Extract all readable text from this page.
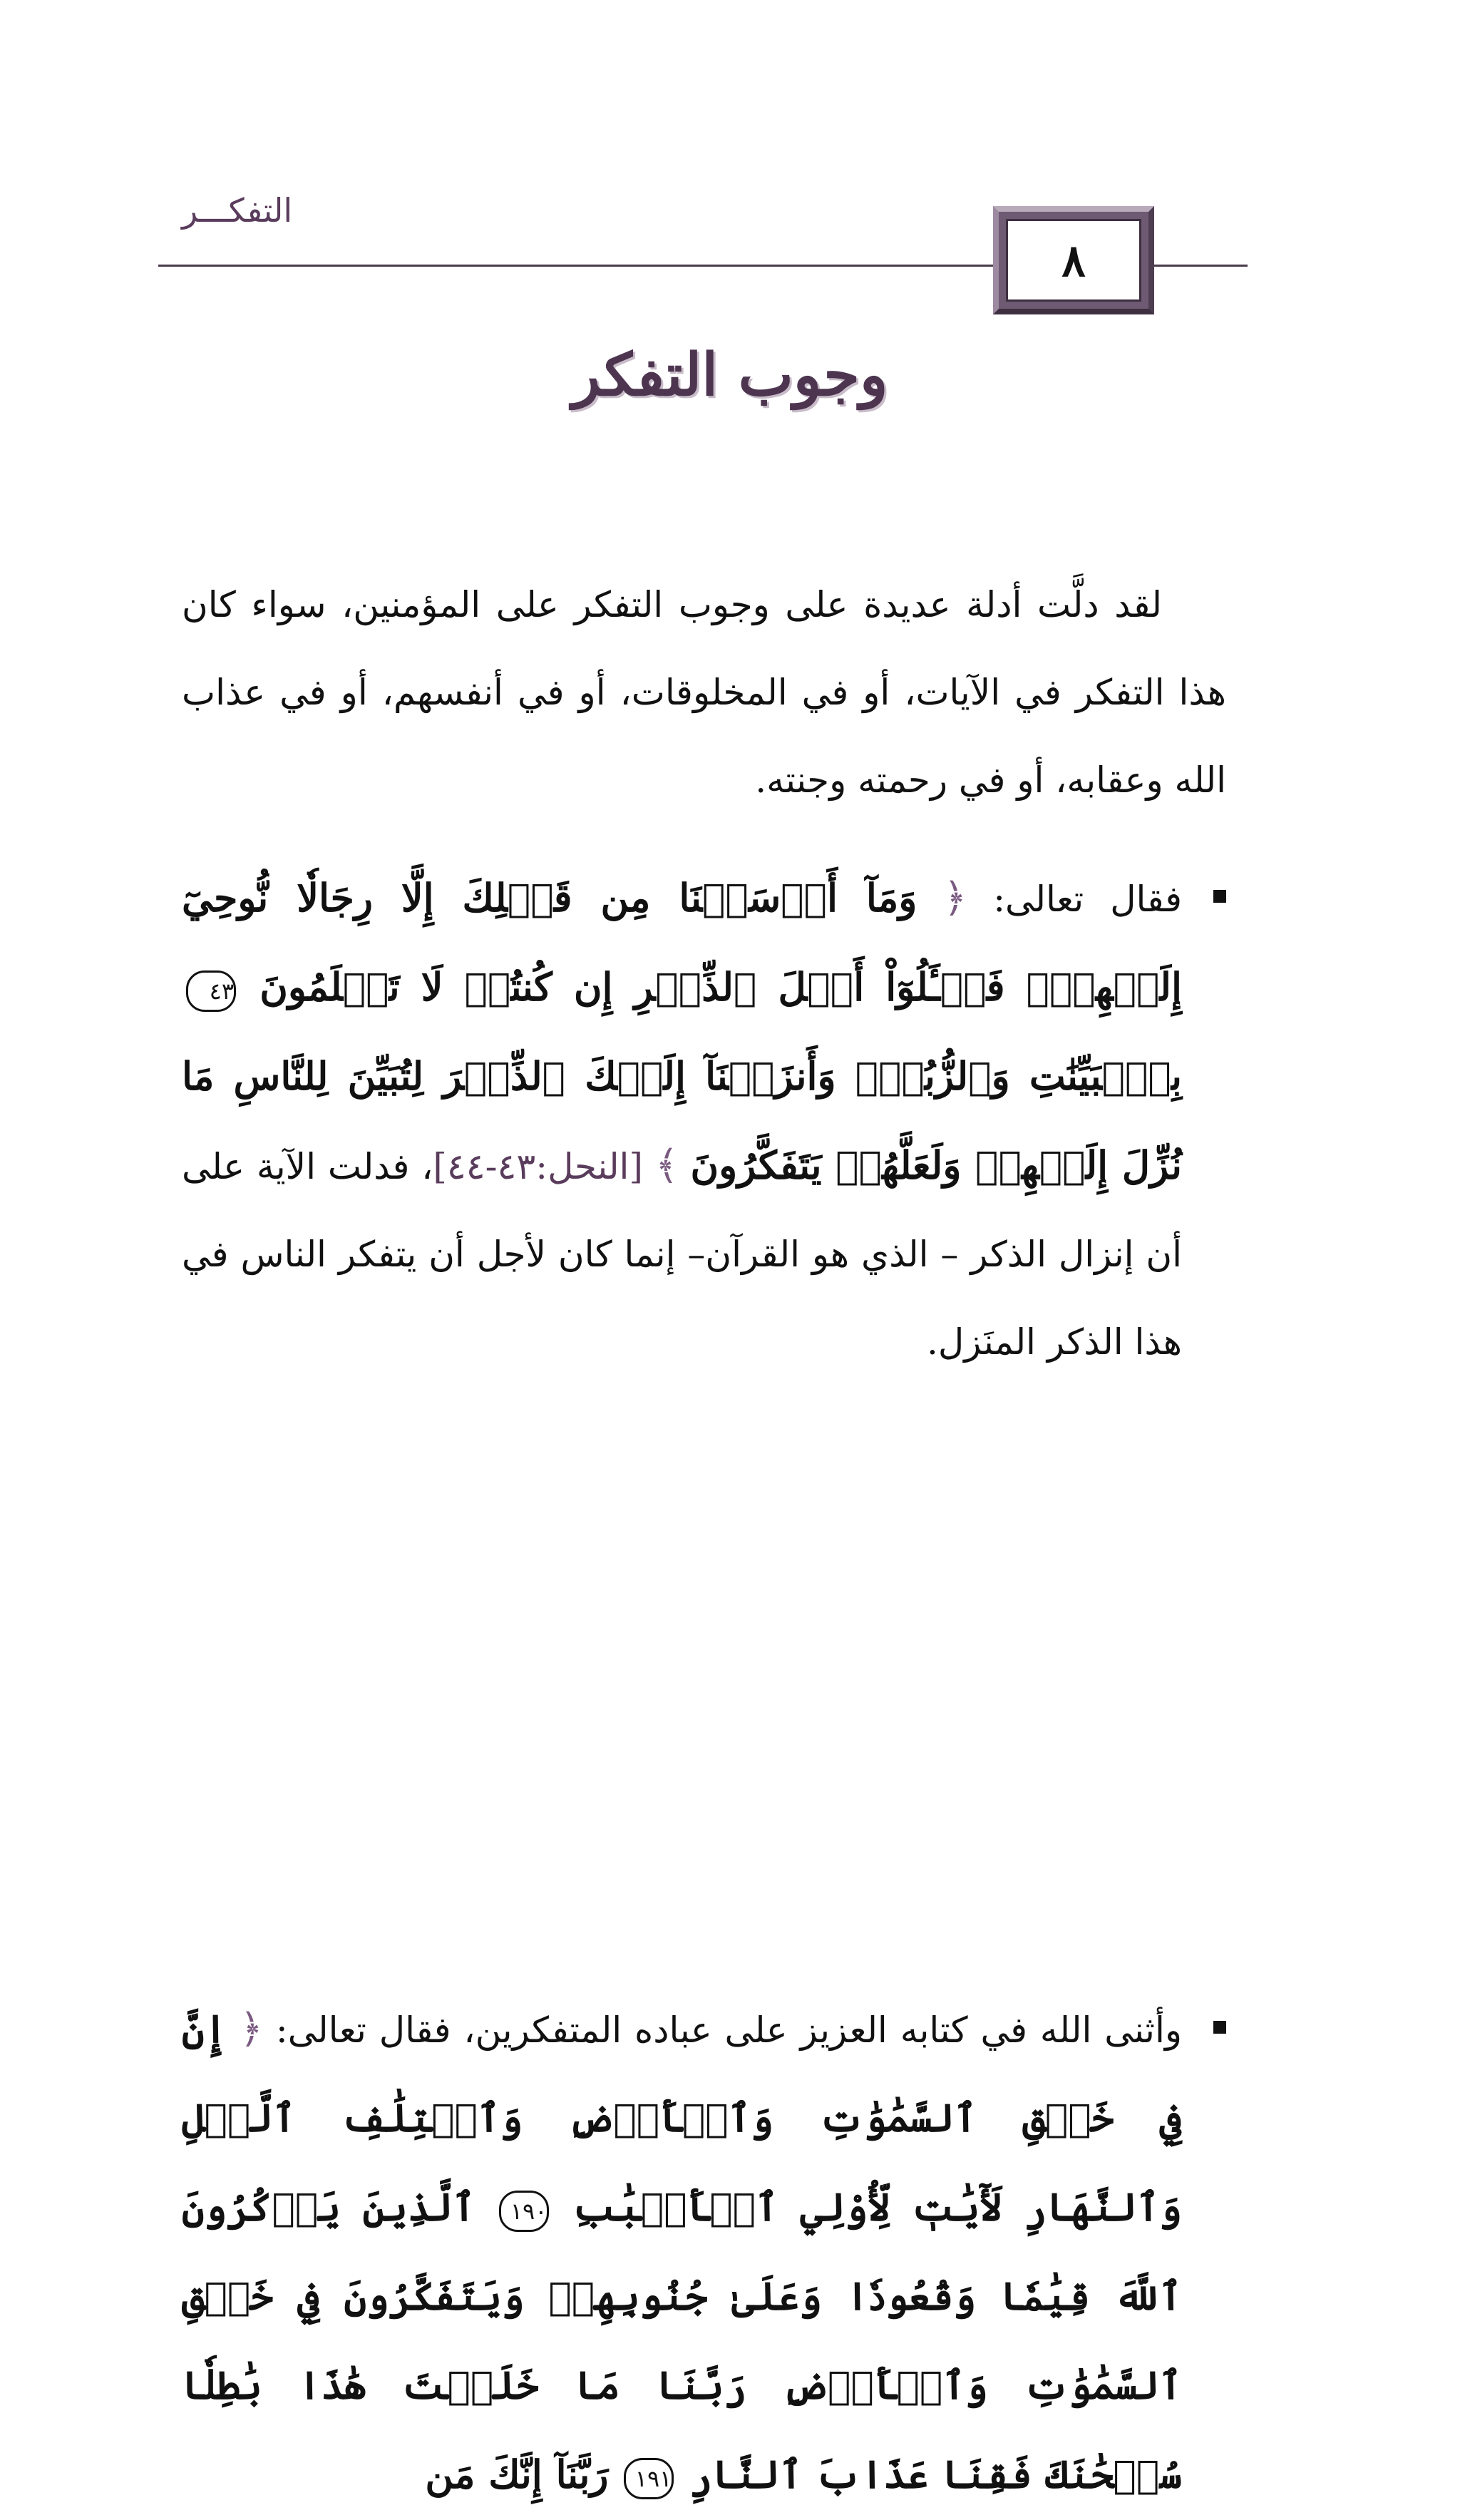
التفكـــر
٨
وجوب التفكر
لقد دلَّت أدلة عديدة على وجوب التفكر على المؤمنين، سواء كان هذا التفكر في الآيات، أو في المخلوقات، أو في أنفسهم، أو في عذاب الله وعقابه، أو في رحمته وجنته.
فقال تعالى: ﴿ وَمَآ أَرۡسَلۡنَا مِن قَبۡلِكَ إِلَّا رِجَالٗا نُّوحِيٓ إِلَيۡهِمۡۚ فَسۡـَٔلُوٓاْ أَهۡلَ ٱلذِّكۡرِ إِن كُنتُمۡ لَا تَعۡلَمُونَ ٤٣ بِٱلۡبَيِّنَٰتِ وَٱلزُّبُرِۗ وَأَنزَلۡنَآ إِلَيۡكَ ٱلذِّكۡرَ لِتُبَيِّنَ لِلنَّاسِ مَا نُزِّلَ إِلَيۡهِمۡ وَلَعَلَّهُمۡ يَتَفَكَّرُونَ ﴾ [النحل:٤٣-٤٤]، فدلت الآية على أن إنزال الذكر – الذي هو القرآن– إنما كان لأجل أن يتفكر الناس في هذا الذكر المنَزل.
وأثنى الله في كتابه العزيز على عباده المتفكرين، فقال تعالى: ﴿ إِنَّ فِي خَلۡقِ ٱلسَّمَٰوَٰتِ وَٱلۡأَرۡضِ وَٱخۡتِلَٰفِ ٱلَّيۡلِ وَٱلنَّهَارِ لَأٓيَٰتٖ لِّأُوْلِي ٱلۡأَلۡبَٰبِ ١٩٠ ٱلَّذِينَ يَذۡكُرُونَ ٱللَّهَ قِيَٰمٗا وَقُعُودٗا وَعَلَىٰ جُنُوبِهِمۡ وَيَتَفَكَّرُونَ فِي خَلۡقِ ٱلسَّمَٰوَٰتِ وَٱلۡأَرۡضِ رَبَّنَا مَا خَلَقۡتَ هَٰذَا بَٰطِلٗا سُبۡحَٰنَكَ فَقِنَا عَذَابَ ٱلنَّارِ ١٩١ رَبَّنَآ إِنَّكَ مَن
